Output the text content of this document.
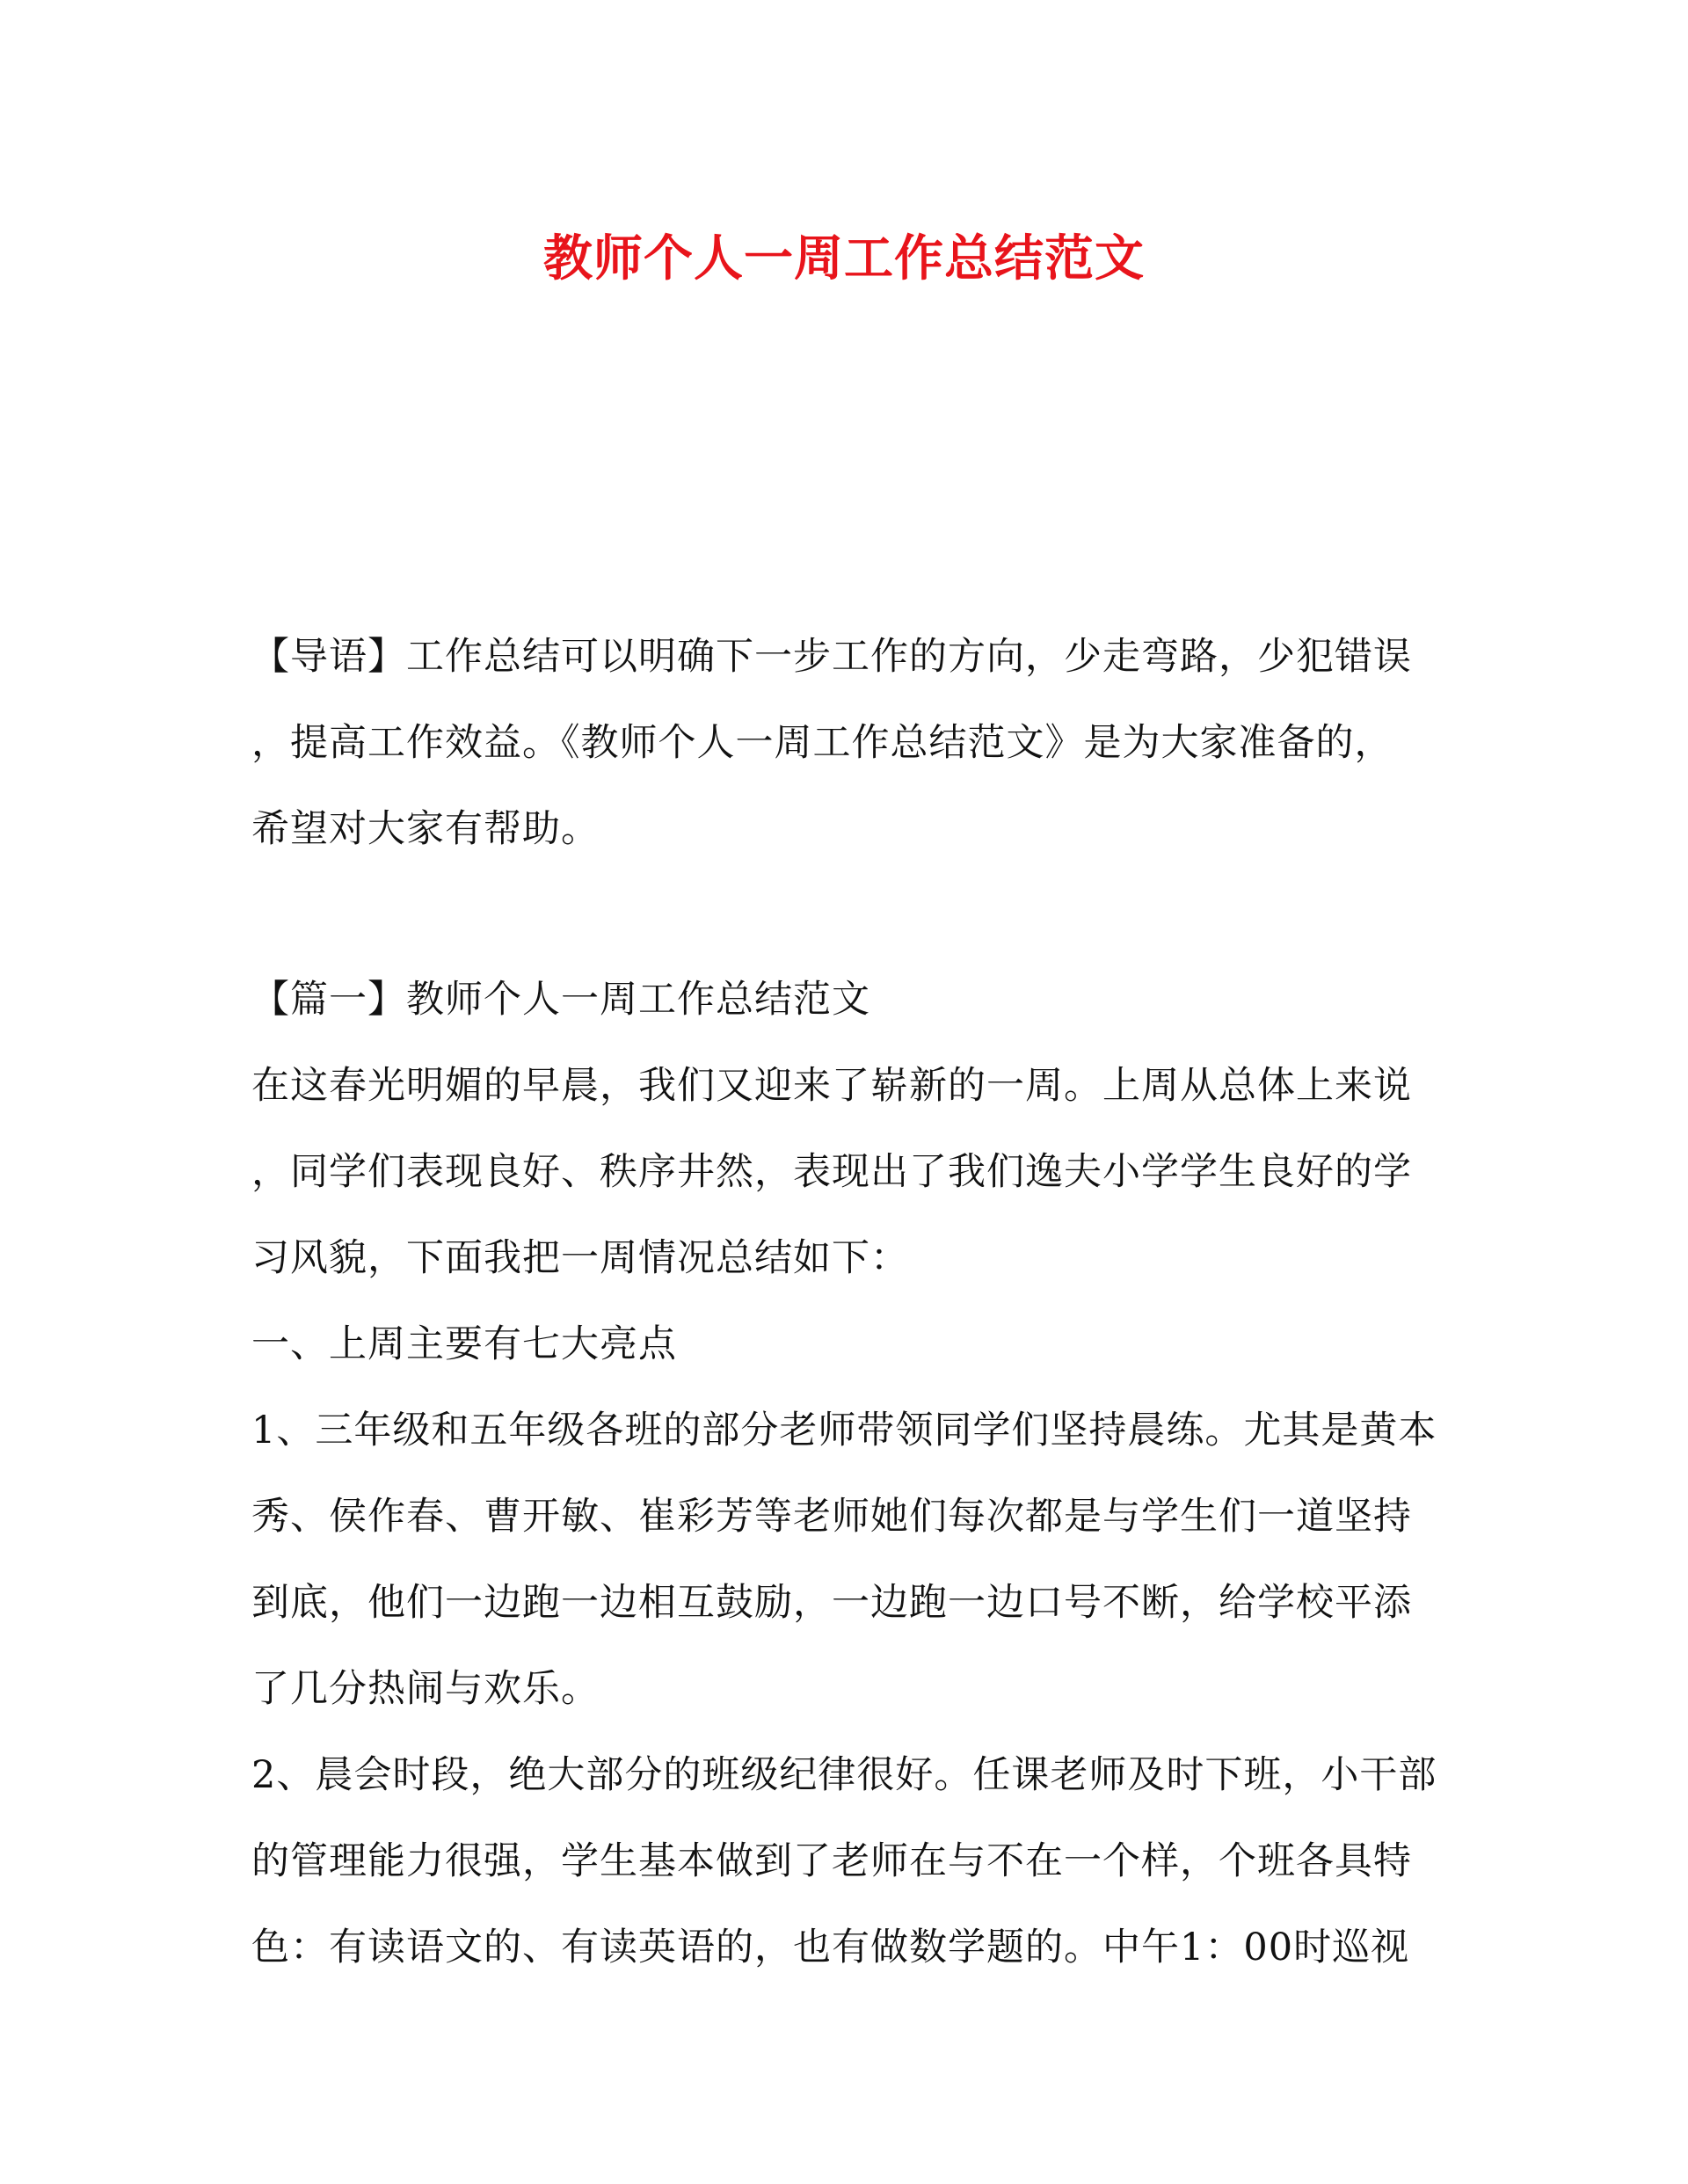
教师个人一周工作总结范文
【导语】工作总结可以明确下一步工作的方向，少走弯路，少犯错误
，提高工作效益。《教师个人一周工作总结范文》是为大家准备的，
希望对大家有帮助。
【篇一】教师个人一周工作总结范文
在这春光明媚的早晨，我们又迎来了崭新的一周。上周从总体上来说
，同学们表现良好、秩序井然，表现出了我们逸夫小学学生良好的学
习风貌，下面我把一周情况总结如下：
一、上周主要有七大亮点
1、三年级和五年级各班的部分老师带领同学们坚持晨练。尤其是黄本
秀、侯作春、曹开敏、崔彩芳等老师她们每次都是与学生们一道坚持
到底，他们一边跑一边相互鼓励，一边跑一边口号不断，给学校平添
了几分热闹与欢乐。
2、晨会时段，绝大部分的班级纪律很好。任课老师及时下班，小干部
的管理能力很强，学生基本做到了老师在与不在一个样，个班各具特
色：有读语文的、有读英语的，也有做数学题的。中午1：00时巡视
